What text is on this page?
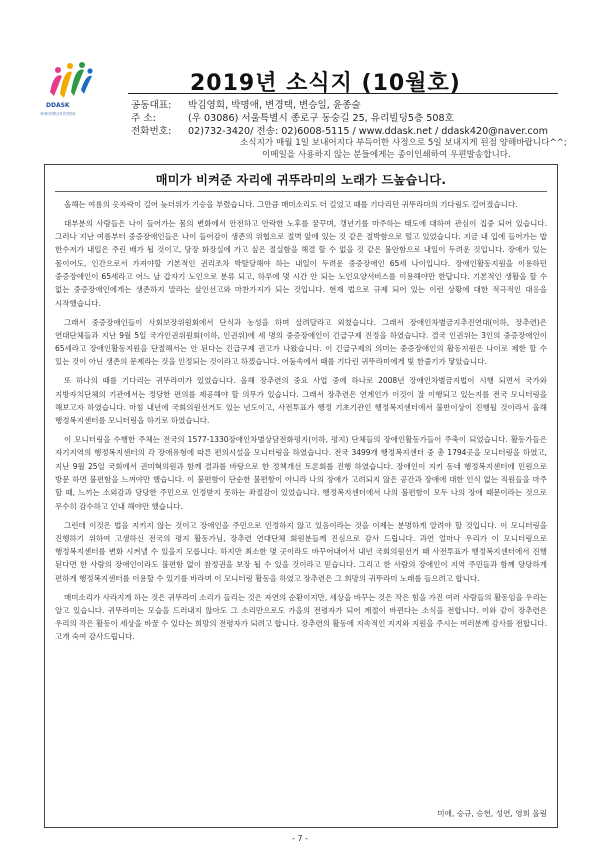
DDASK
장애인차별금지추진연대
2019년 소식지 (10월호)
공동대표: 박김영희, 박명애, 변경택, 변승일, 윤종술
주 소:	(우 03086) 서울특별시 종로구 동숭길 25, 유리빌딩5층 508호
전화번호: 02)732-3420/ 전송: 02)6008-5115 / www.ddask.net / ddask420@naver.com
소식지가 매월 1일 보내어지다 부득이한 사정으로 5일 보내지게 된점 양해바랍니다^^;
이메일을 사용하지 않는 분들에게는 종이인쇄하여 우편발송합니다.
매미가 비켜준 자리에 귀뚜라미의 노래가 드높습니다.

올해는 여름의 옷자락이 길어 늦더위가 기승을 부렸습니다. 그만큼 매미소리도 더 길었고 때를 기다리던 귀뚜라미의 기다림도 길어졌습니다.

대부분의 사람들은 나이 들어가는 몸의 변화에서 안전하고 안락한 노후를 꿈꾸며, 갱년기를 마주하는 태도에 대하여 관심이 집중 되어 있습니다. 그러나 지난 여름부터 중증장애인들은 나이 들어감이 생존의 위협으로 절벽 앞에 있는 것 같은 절박함으로 떨고 있었습니다. 지금 내 입에 들어가는 밥 한수저가 내일은 주린 배가 될 것이고, 당장 화장실에 가고 싶은 절실함을 해결 할 수 없을 것 같은 불안함으로 내일이 두려운 것입니다. 장애가 있는 몸이어도, 인간으로서 가져야할 기본적인 권리조차 박탈당해야 하는 내일이 두려운 중증장애인 65세 나이입니다. 장애인활동지원을 이용하던 중증장애인이 65세라고 어느 날 갑자기 노인으로 분류 되고, 하루에 몇 시간 안 되는 노인요양서비스를 이용해야만 한답니다. 기본적인 생활을 할 수 없는 중증장애인에게는 생존하지 말라는 살인선고와 마찬가지가 되는 것입니다. 현재 법으로 규제 되어 있는 이런 상황에 대한 적극적인 대응을 시작했습니다.

그래서 중증장애인들이 사회보장위원회에서 단식과 농성을 하며 살려달라고 외쳤습니다. 그래서 장애인차별금지추진연대(이하, 장추련)은 연대단체들과 지난 9월 5일 국가인권위원회(이하, 인권위)에 세 명의 중증장애인이 긴급구제 진정을 하였습니다. 결국 인권위는 3인의 중증장애인이 65세라고 장애인활동지원을 단절해서는 안 된다는 긴급구제 권고가 나왔습니다. 이 긴급구제의 의미는 중증장애인의 활동지원은 나이로 제한 할 수 있는 것이 아닌 생존의 문제라는 것을 인정되는 것이라고 하겠습니다. 어둠속에서 때를 기다린 귀뚜라미에게 빛 한줄기가 닿았습니다.

또 하나의 때를 기다리는 귀뚜라미가 있었습니다. 올해 장추련의 중요 사업 중에 하나로 2008년 장애인차별금지법이 시행 되면서 국가와 지방자치단체의 기관에서는 정당한 편의를 제공해야 할 의무가 있습니다. 그래서 장추련은 연계인가 이것이 잘 이행되고 있는지를 전국 모니터링을 해보고자 하였습니다. 마침 내년에 국회의원선거도 있는 년도이고, 사전투표가 행정 기초기관인 행정복지센터에서 불반이상이 진행될 것이라서 올해 행정복지센터를 모니터링을 하기로 하였습니다.

이 모니터링을 수행한 주체는 전국의 1577-1330장애인차별상담전화평지(이하, 평지) 단체들의 장애인활동가들이 주축이 되었습니다. 활동가들은 자기지역의 행정복지센터의 각 장애유형에 따른 편의시설을 모니터링을 하였습니다. 전국 3499개 행정복지센터 중 총 1794곳을 모니터링을 하였고, 지난 9월 25일 국회에서 권미혁의원과 함께 결과를 바탕으로 한 정책개선 토론회를 진행 하였습니다. 장애인이 지키 동네 행정복지센터에 민원으로 방문 하면 불편함을 느껴야만 했습니다. 이 불편함이 단순한 불편함이 아니라 나의 장애가 고려되지 않은 공간과 장애에 대한 인식 없는 직원들을 마주 할 때, 느끼는 소외감과 당당한 주민으로 인정받지 못하는 좌절감이 있었습니다. 행정복지센터에서 나의 불편함이 모두 나의 장애 때문이라는 것으로 무수히 감수하고 인내 해야만 했습니다.

그런데 이것은 법을 지키지 않는 것이고 장애인을 주민으로 인정하지 않고 있음이라는 것을 이제는 분명하게 알려야 할 것입니다. 이 모니터링을 진행하기 위하여 고생하신 전국의 평지 활동가님, 장추련 연대단체 회원분들께 진심으로 감사 드립니다. 과연 얼마나 우리가 이 모니터링으로 행정복지센터를 변화 시켜낼 수 있을지 모릅니다. 하지만 최소한 몇 곳이라도 바꾸어내어서 내년 국회의원선거 때 사전투표가 행정복지센터에서 진행 된다면 한 사람의 장애인이라도 불편함 없이 참정권을 보장 될 수 있을 것이라고 믿습니다. 그리고 한 사람의 장애인이 지역 주민들과 함께 당당하게 편하게 행정복지센터를 이용할 수 있기를 바라며 이 모니터링 활동을 하였고 장추련은 그 희망의 귀뚜라미 노래를 들으려고 합니다.

매미소리가 사라지게 하는 것은 귀뚜라미 소리가 들리는 것은 자연의 순환이지만, 세상을 바꾸는 것은 작은 힘을 가진 여러 사람들의 활동임을 우리는 알고 있습니다. 귀뚜라미는 모습을 드러내지 않아도 그 소리만으로도 가을의 전령자가 되어 계절이 바뀐다는 소식을 전합니다. 이와 같이 장추련은 우리의 작은 활동이 세상을 바꿀 수 있다는 희망의 전령자가 되려고 합니다. 장추련의 활동에 지속적인 지지와 지원을 주시는 여러분께 감사를 전합니다. 고개 숙여 감사드립니다.

미애, 승규, 승헌, 성연, 영희 올림
- 7 -
